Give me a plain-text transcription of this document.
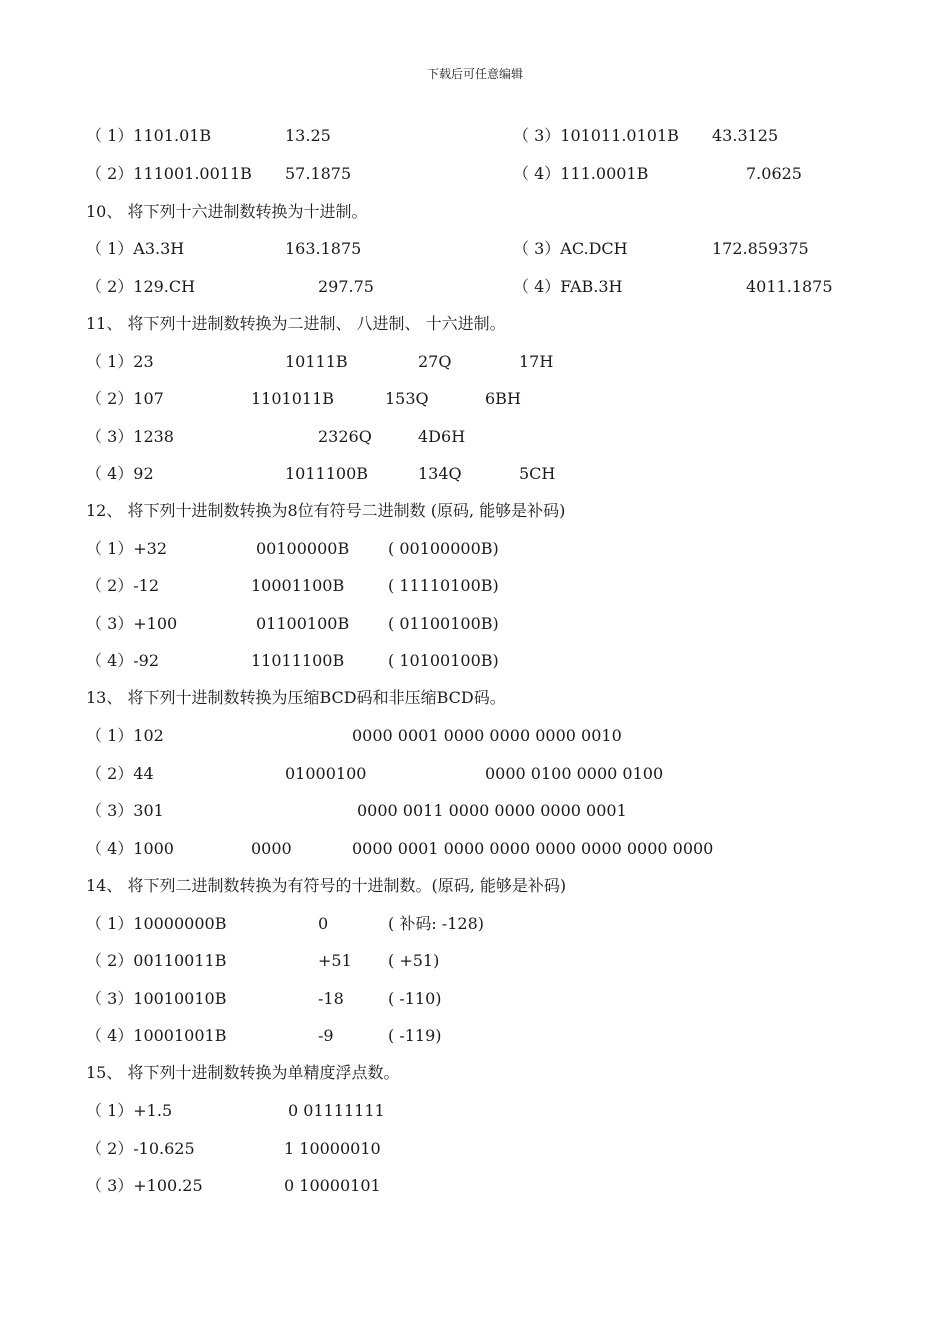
下载后可任意编辑
（ 1）1101.01B	13.25	（ 3）101011.0101B 43.3125
（ 2）111001.0011B 57.1875	（ 4）111.0001B	7.0625
10、 将下列十六进制数转换为十进制。
（ 1）A3.3H	163.1875	（ 3）AC.DCH	172.859375
（ 2）129.CH	297.75	（ 4）FAB.3H	4011.1875
11、 将下列十进制数转换为二进制、 八进制、 十六进制。
（ 1）23	10111B	27Q	17H
（ 2）107	1101011B	153Q	6BH
（ 3）1238	2326Q	4D6H
（ 4）92	1011100B	134Q	5CH
12、 将下列十进制数转换为8位有符号二进制数 (原码, 能够是补码)
（ 1）+32	00100000B ( 00100000B)
（ 2）-12	10001100B	( 11110100B)
（ 3）+100	01100100B ( 01100100B)
（ 4）-92	11011100B	( 10100100B)
13、 将下列十进制数转换为压缩BCD码和非压缩BCD码。
（ 1）102	0000 0001 0000 0000 0000 0010
（ 2）44	01000100	0000 0100 0000 0100
（ 3）301	0000 0011 0000 0000 0000 0001
（ 4）1000	0000	0000 0001 0000 0000 0000 0000 0000 0000
14、 将下列二进制数转换为有符号的十进制数。(原码, 能够是补码)
（ 1）10000000B	0	( 补码: -128)
（ 2）00110011B	+51 ( +51)
（ 3）10010010B	-18	( -110)
（ 4）10001001B	-9	( -119)
15、 将下列十进制数转换为单精度浮点数。
（ 1）+1.5	0 01111111
（ 2）-10.625	1 10000010
（ 3）+100.25	0 10000101
